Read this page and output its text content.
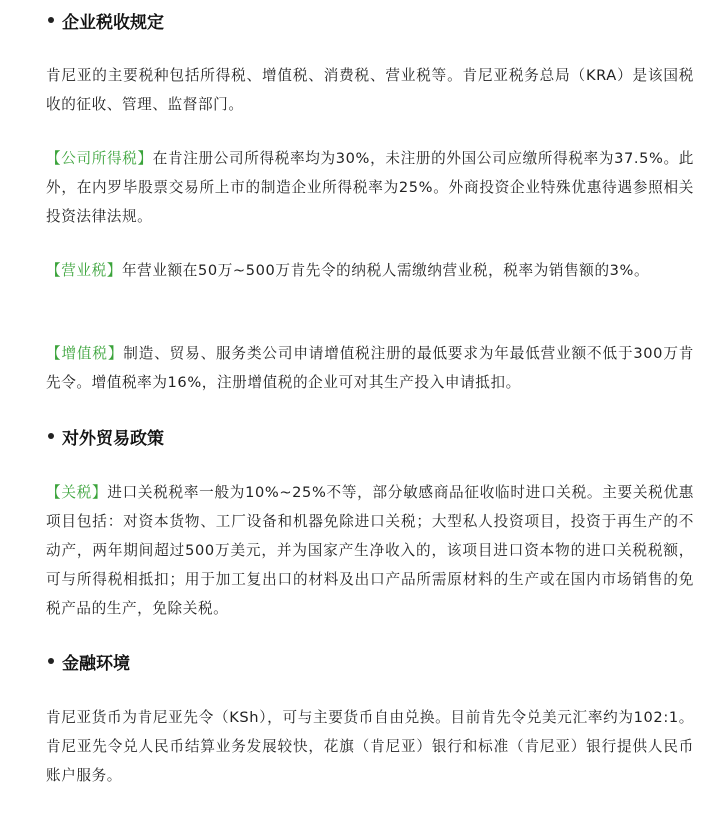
企业税收规定

肯尼亚的主要税种包括所得税、增值税、消费税、营业税等。肯尼亚税务总局（KRA）是该国税收的征收、管理、监督部门。

【公司所得税】在肯注册公司所得税率均为30%，未注册的外国公司应缴所得税率为37.5%。此外，在内罗毕股票交易所上市的制造企业所得税率为25%。外商投资企业特殊优惠待遇参照相关投资法律法规。

【营业税】年营业额在50万~500万肯先令的纳税人需缴纳营业税，税率为销售额的3%。

【增值税】制造、贸易、服务类公司申请增值税注册的最低要求为年最低营业额不低于300万肯先令。增值税率为16%，注册增值税的企业可对其生产投入申请抵扣。

对外贸易政策

【关税】进口关税税率一般为10%~25%不等，部分敏感商品征收临时进口关税。主要关税优惠项目包括：对资本货物、工厂设备和机器免除进口关税；大型私人投资项目，投资于再生产的不动产，两年期间超过500万美元，并为国家产生净收入的，该项目进口资本物的进口关税税额，可与所得税相抵扣；用于加工复出口的材料及出口产品所需原材料的生产或在国内市场销售的免税产品的生产，免除关税。

金融环境

肯尼亚货币为肯尼亚先令（KSh），可与主要货币自由兑换。目前肯先令兑美元汇率约为102:1。肯尼亚先令兑人民币结算业务发展较快，花旗（肯尼亚）银行和标准（肯尼亚）银行提供人民币账户服务。
